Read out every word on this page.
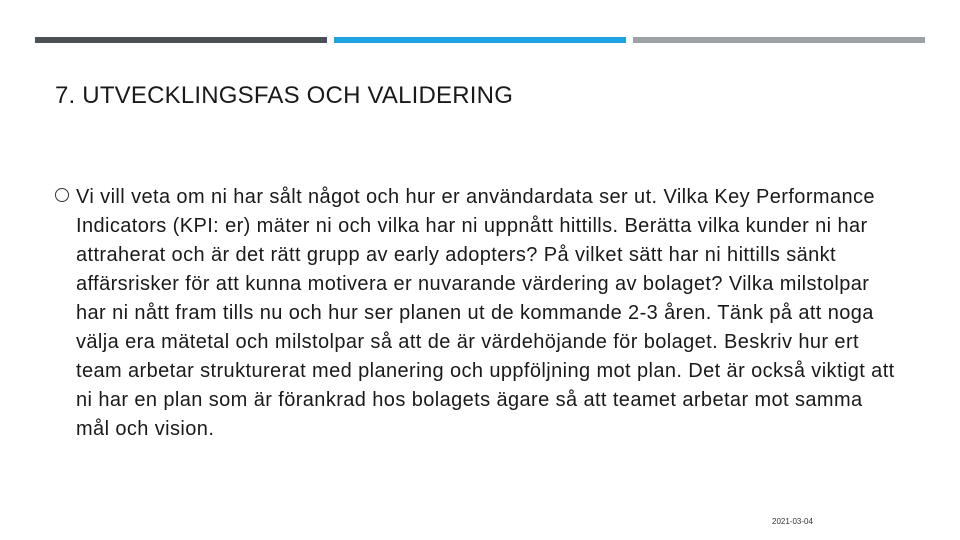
7. UTVECKLINGSFAS OCH VALIDERING
Vi vill veta om ni har sålt något och hur er användardata ser ut. Vilka Key Performance Indicators (KPI: er) mäter ni och vilka har ni uppnått hittills. Berätta vilka kunder ni har attraherat och är det rätt grupp av early adopters? På vilket sätt har ni hittills sänkt affärsrisker för att kunna motivera er nuvarande värdering av bolaget? Vilka milstolpar har ni nått fram tills nu och hur ser planen ut de kommande 2-3 åren. Tänk på att noga välja era mätetal och milstolpar så att de är värdehöjande för bolaget. Beskriv hur ert team arbetar strukturerat med planering och uppföljning mot plan. Det är också viktigt att ni har en plan som är förankrad hos bolagets ägare så att teamet arbetar mot samma mål och vision.
2021-03-04
